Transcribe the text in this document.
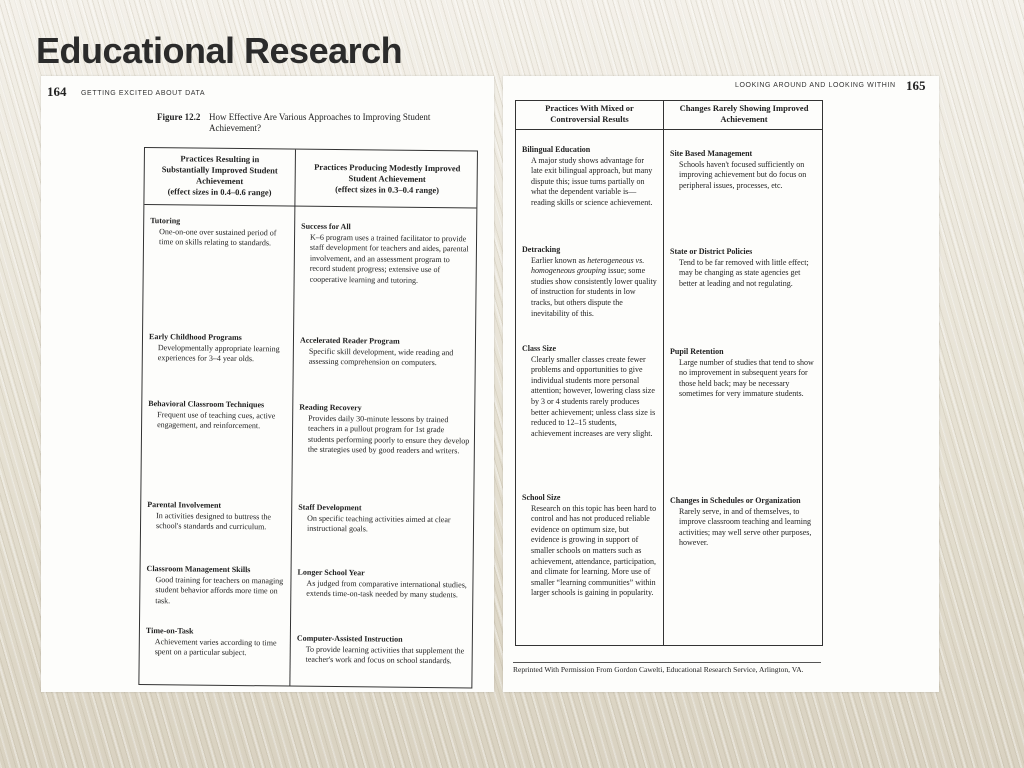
Educational Research
164 GETTING EXCITED ABOUT DATA
Figure 12.2 How Effective Are Various Approaches to Improving Student Achievement?
Practices Resulting in Substantially Improved Student Achievement
(effect sizes in 0.4–0.6 range)
Tutoring
One-on-one over sustained period of time on skills relating to standards.
Early Childhood Programs
Developmentally appropriate learning experiences for 3–4 year olds.
Behavioral Classroom Techniques
Frequent use of teaching cues, active engagement, and reinforcement.
Parental Involvement
In activities designed to buttress the school's standards and curriculum.
Classroom Management Skills
Good training for teachers on managing student behavior affords more time on task.
Time-on-Task
Achievement varies according to time spent on a particular subject.
Practices Producing Modestly Improved Student Achievement
(effect sizes in 0.3–0.4 range)
Success for All
K–6 program uses a trained facilitator to provide staff development for teachers and aides, parental involvement, and an assessment program to record student progress; extensive use of cooperative learning and tutoring.
Accelerated Reader Program
Specific skill development, wide reading and assessing comprehension on computers.
Reading Recovery
Provides daily 30-minute lessons by trained teachers in a pullout program for 1st grade students performing poorly to ensure they develop the strategies used by good readers and writers.
Staff Development
On specific teaching activities aimed at clear instructional goals.
Longer School Year
As judged from comparative international studies, extends time-on-task needed by many students.
Computer-Assisted Instruction
To provide learning activities that supplement the teacher's work and focus on school standards.
LOOKING AROUND AND LOOKING WITHIN 165
Practices With Mixed or Controversial Results
Bilingual Education
A major study shows advantage for late exit bilingual approach, but many dispute this; issue turns partially on what the dependent variable is—reading skills or science achievement.
Detracking
Earlier known as heterogeneous vs. homogeneous grouping issue; some studies show consistently lower quality of instruction for students in low tracks, but others dispute the inevitability of this.
Class Size
Clearly smaller classes create fewer problems and opportunities to give individual students more personal attention; however, lowering class size by 3 or 4 students rarely produces better achievement; unless class size is reduced to 12–15 students, achievement increases are very slight.
School Size
Research on this topic has been hard to control and has not produced reliable evidence on optimum size, but evidence is growing in support of smaller schools on matters such as achievement, attendance, participation, and climate for learning. More use of smaller “learning communities” within larger schools is gaining in popularity.
Changes Rarely Showing Improved Achievement
Site Based Management
Schools haven't focused sufficiently on improving achievement but do focus on peripheral issues, processes, etc.
State or District Policies
Tend to be far removed with little effect; may be changing as state agencies get better at leading and not regulating.
Pupil Retention
Large number of studies that tend to show no improvement in subsequent years for those held back; may be necessary sometimes for very immature students.
Changes in Schedules or Organization
Rarely serve, in and of themselves, to improve classroom teaching and learning activities; may well serve other purposes, however.
Reprinted With Permission From Gordon Cawelti, Educational Research Service, Arlington, VA.
